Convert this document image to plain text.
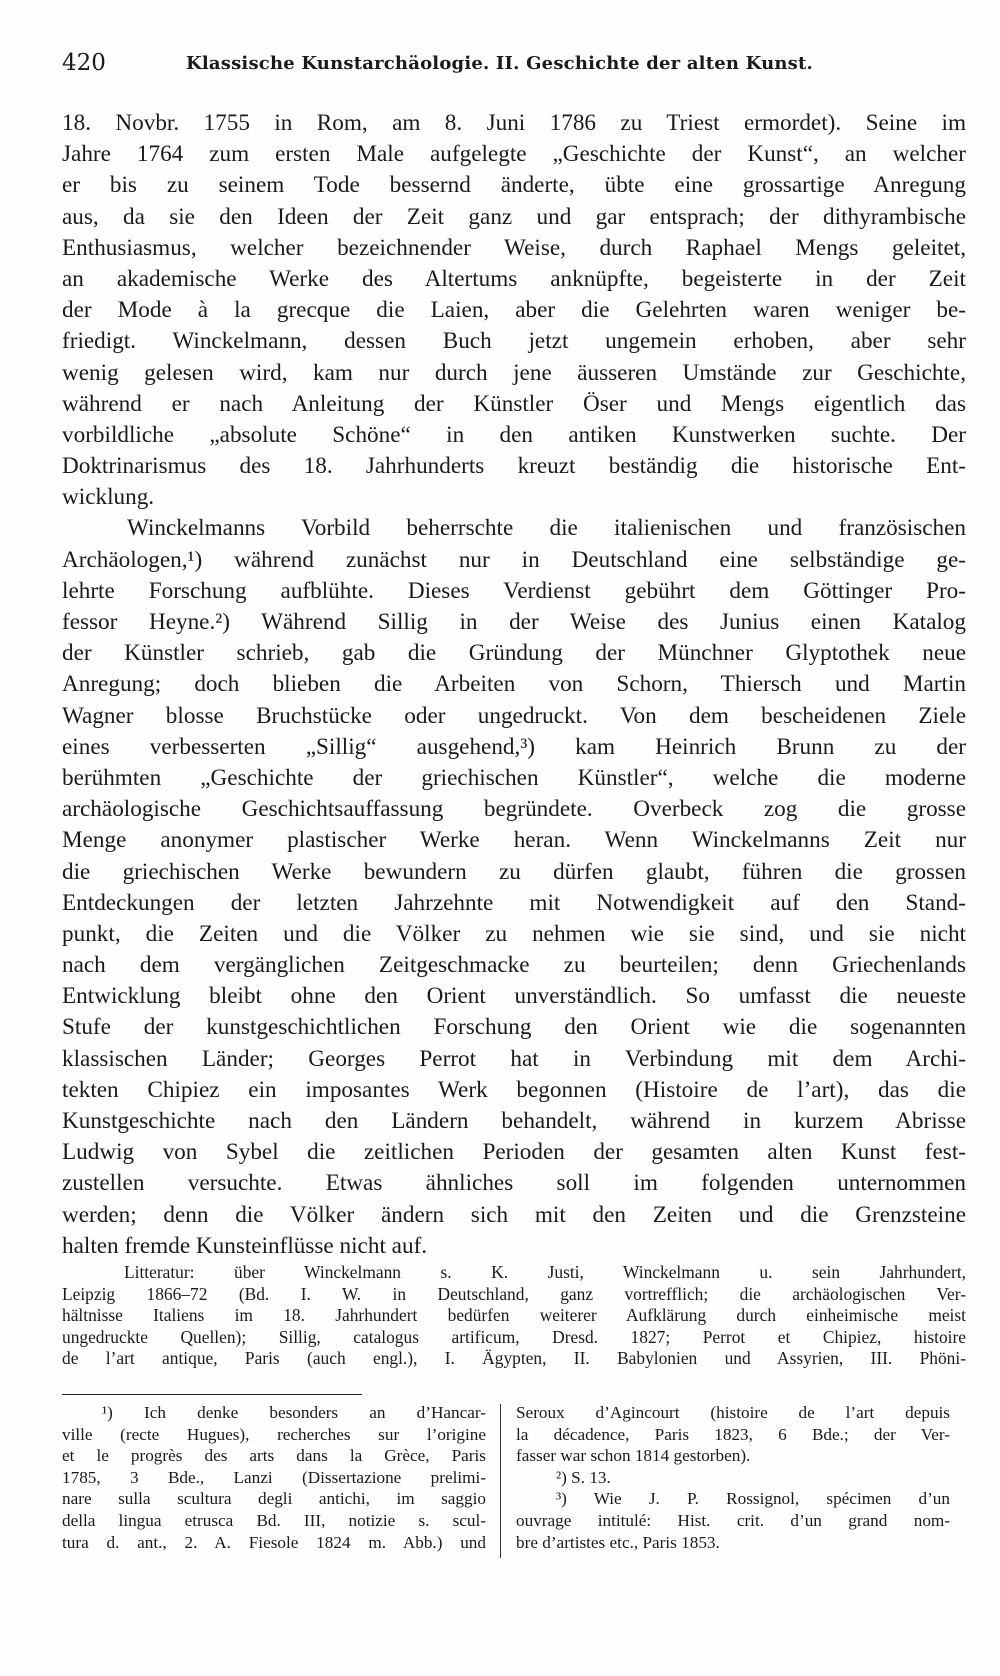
420	Klassische Kunstarchäologie. II. Geschichte der alten Kunst.
18. Novbr. 1755 in Rom, am 8. Juni 1786 zu Triest ermordet). Seine im
Jahre 1764 zum ersten Male aufgelegte „Geschichte der Kunst“, an welcher
er bis zu seinem Tode bessernd änderte, übte eine grossartige Anregung
aus, da sie den Ideen der Zeit ganz und gar entsprach; der dithyrambische
Enthusiasmus, welcher bezeichnender Weise, durch Raphael Mengs geleitet,
an akademische Werke des Altertums anknüpfte, begeisterte in der Zeit
der Mode à la grecque die Laien, aber die Gelehrten waren weniger be-
friedigt. Winckelmann, dessen Buch jetzt ungemein erhoben, aber sehr
wenig gelesen wird, kam nur durch jene äusseren Umstände zur Geschichte,
während er nach Anleitung der Künstler Öser und Mengs eigentlich das
vorbildliche „absolute Schöne“ in den antiken Kunstwerken suchte. Der
Doktrinarismus des 18. Jahrhunderts kreuzt beständig die historische Ent-
wicklung.
Winckelmanns Vorbild beherrschte die italienischen und französischen
Archäologen,¹) während zunächst nur in Deutschland eine selbständige ge-
lehrte Forschung aufblühte. Dieses Verdienst gebührt dem Göttinger Pro-
fessor Heyne.²) Während Sillig in der Weise des Junius einen Katalog
der Künstler schrieb, gab die Gründung der Münchner Glyptothek neue
Anregung; doch blieben die Arbeiten von Schorn, Thiersch und Martin
Wagner blosse Bruchstücke oder ungedruckt. Von dem bescheidenen Ziele
eines verbesserten „Sillig“ ausgehend,³) kam Heinrich Brunn zu der
berühmten „Geschichte der griechischen Künstler“, welche die moderne
archäologische Geschichtsauffassung begründete. Overbeck zog die grosse
Menge anonymer plastischer Werke heran. Wenn Winckelmanns Zeit nur
die griechischen Werke bewundern zu dürfen glaubt, führen die grossen
Entdeckungen der letzten Jahrzehnte mit Notwendigkeit auf den Stand-
punkt, die Zeiten und die Völker zu nehmen wie sie sind, und sie nicht
nach dem vergänglichen Zeitgeschmacke zu beurteilen; denn Griechenlands
Entwicklung bleibt ohne den Orient unverständlich. So umfasst die neueste
Stufe der kunstgeschichtlichen Forschung den Orient wie die sogenannten
klassischen Länder; Georges Perrot hat in Verbindung mit dem Archi-
tekten Chipiez ein imposantes Werk begonnen (Histoire de l’art), das die
Kunstgeschichte nach den Ländern behandelt, während in kurzem Abrisse
Ludwig von Sybel die zeitlichen Perioden der gesamten alten Kunst fest-
zustellen versuchte. Etwas ähnliches soll im folgenden unternommen
werden; denn die Völker ändern sich mit den Zeiten und die Grenzsteine
halten fremde Kunsteinflüsse nicht auf.
Litteratur: über Winckelmann s. K. Justi, Winckelmann u. sein Jahrhundert,
Leipzig 1866–72 (Bd. I. W. in Deutschland, ganz vortrefflich; die archäologischen Ver-
hältnisse Italiens im 18. Jahrhundert bedürfen weiterer Aufklärung durch einheimische meist
ungedruckte Quellen); Sillig, catalogus artificum, Dresd. 1827; Perrot et Chipiez, histoire
de l’art antique, Paris (auch engl.), I. Ägypten, II. Babylonien und Assyrien, III. Phöni-
¹) Ich denke besonders an d’Hancar-
ville (recte Hugues), recherches sur l’origine
et le progrès des arts dans la Grèce, Paris
1785, 3 Bde., Lanzi (Dissertazione prelimi-
nare sulla scultura degli antichi, im saggio
della lingua etrusca Bd. III, notizie s. scul-
tura d. ant., 2. A. Fiesole 1824 m. Abb.) und
Seroux d’Agincourt (histoire de l’art depuis
la décadence, Paris 1823, 6 Bde.; der Ver-
fasser war schon 1814 gestorben).
²) S. 13.
³) Wie J. P. Rossignol, spécimen d’un
ouvrage intitulé: Hist. crit. d’un grand nom-
bre d’artistes etc., Paris 1853.
